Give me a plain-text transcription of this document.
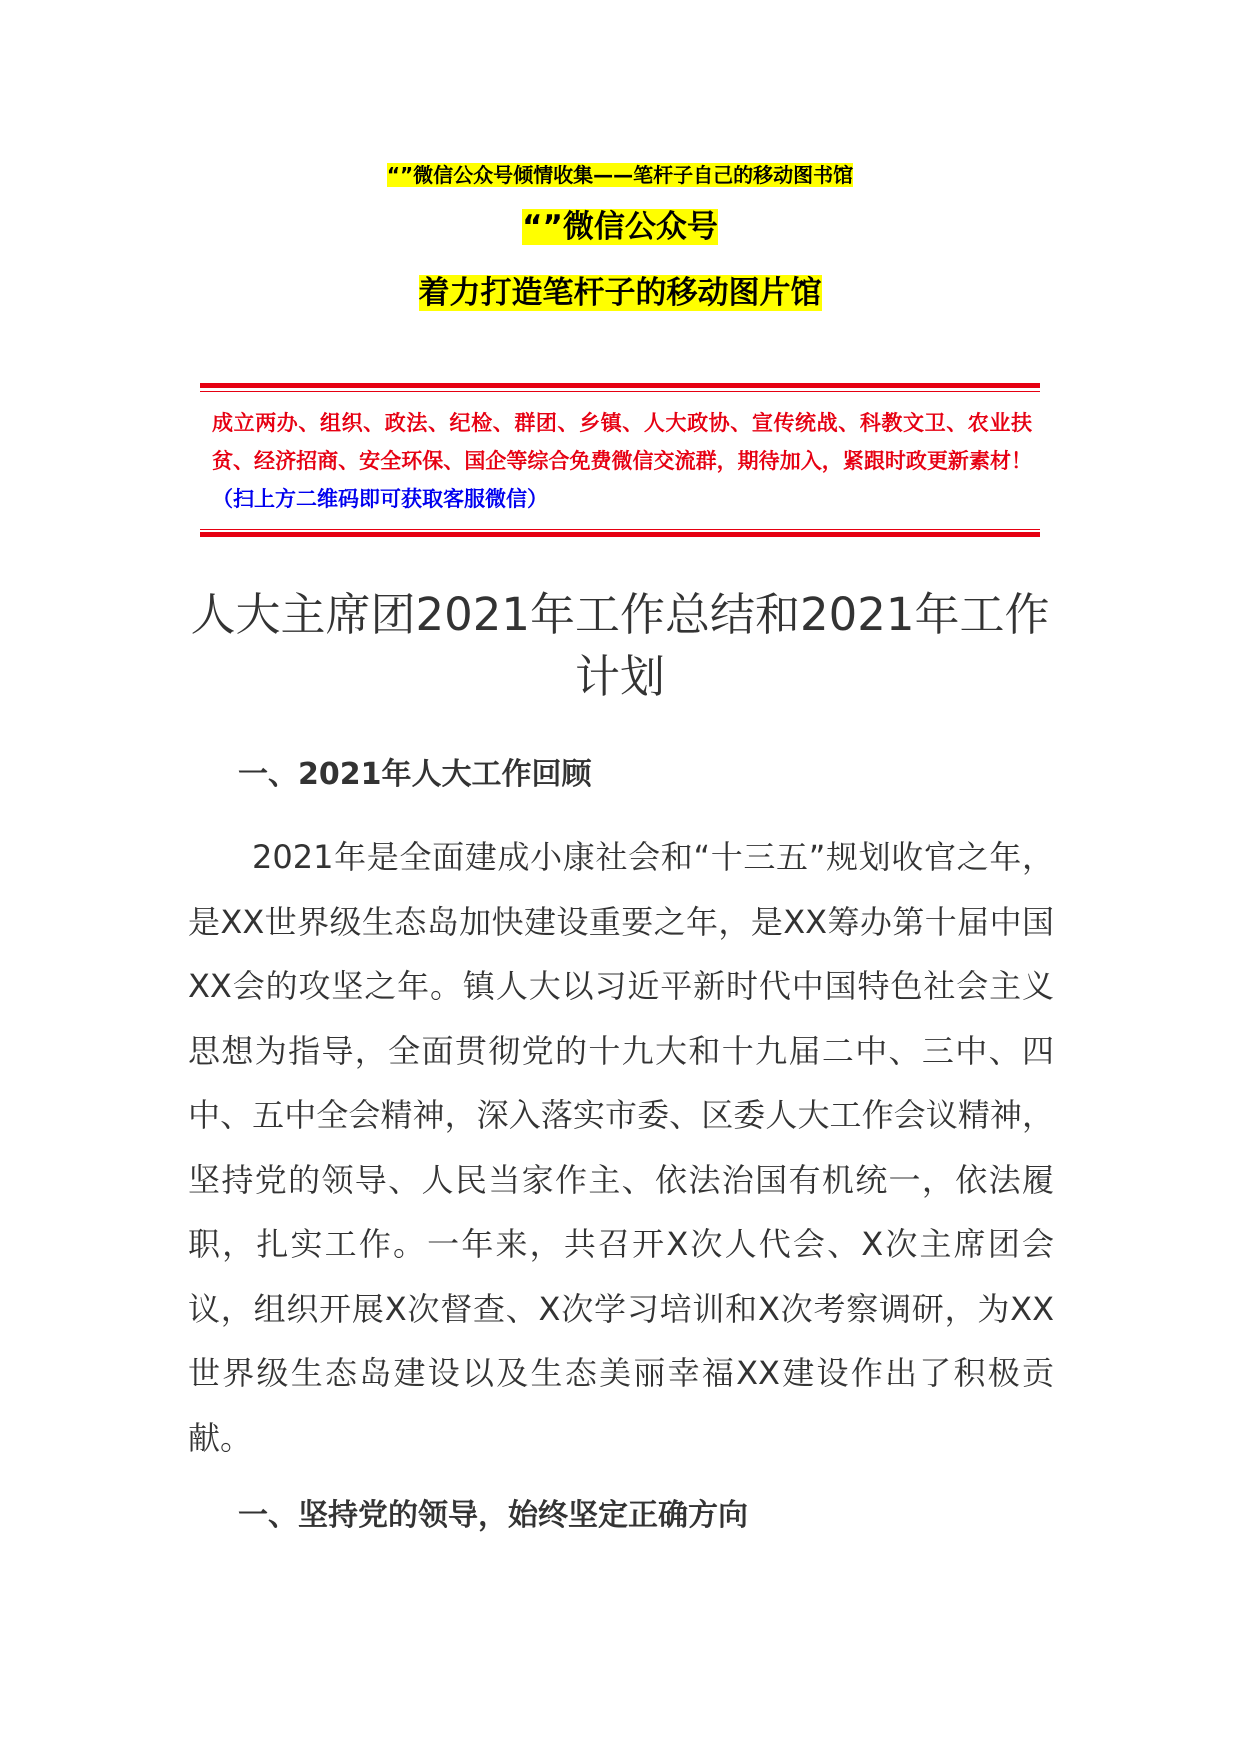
“”微信公众号倾情收集——笔杆子自己的移动图书馆
“”微信公众号
着力打造笔杆子的移动图片馆
成立两办、组织、政法、纪检、群团、乡镇、人大政协、宣传统战、科教文卫、农业扶贫、经济招商、安全环保、国企等综合免费微信交流群，期待加入，紧跟时政更新素材！（扫上方二维码即可获取客服微信）
人大主席团2021年工作总结和2021年工作计划
一、2021年人大工作回顾

2021年是全面建成小康社会和“十三五”规划收官之年，是XX世界级生态岛加快建设重要之年，是XX筹办第十届中国XX会的攻坚之年。镇人大以习近平新时代中国特色社会主义思想为指导，全面贯彻党的十九大和十九届二中、三中、四中、五中全会精神，深入落实市委、区委人大工作会议精神，坚持党的领导、人民当家作主、依法治国有机统一，依法履职，扎实工作。一年来，共召开X次人代会、X次主席团会议，组织开展X次督查、X次学习培训和X次考察调研，为XX世界级生态岛建设以及生态美丽幸福XX建设作出了积极贡献。

一、坚持党的领导，始终坚定正确方向
